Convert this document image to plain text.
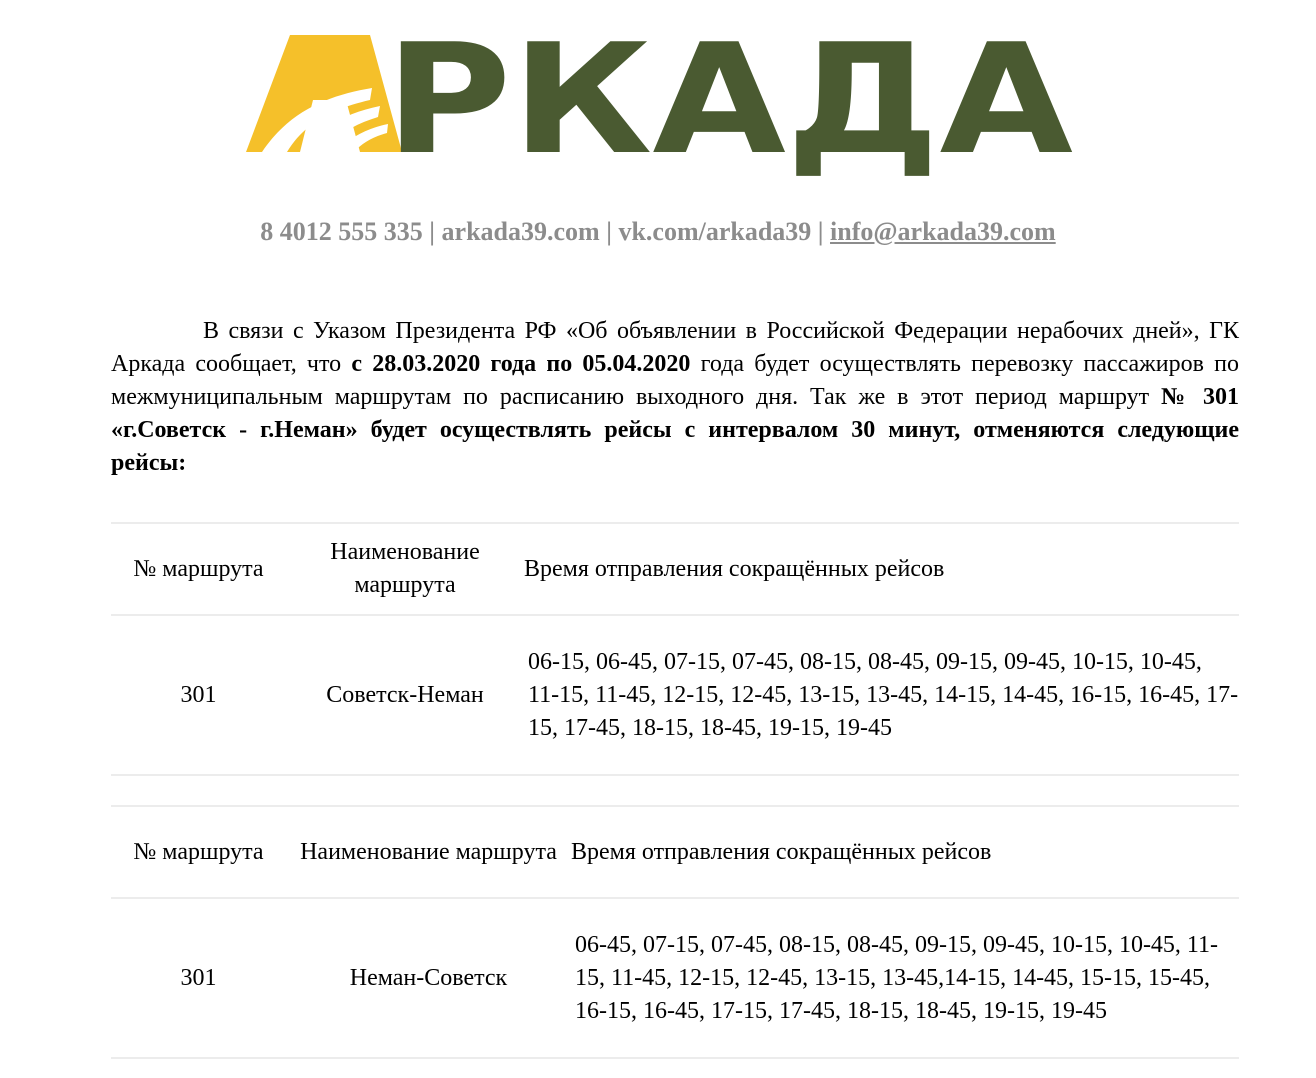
РКАДА
8 4012 555 335 | arkada39.com | vk.com/arkada39 | info@arkada39.com

В связи с Указом Президента РФ «Об объявлении в Российской Федерации нерабочих дней», ГК Аркада сообщает, что с 28.03.2020 года по 05.04.2020 года будет осуществлять перевозку пассажиров по межмуниципальным маршрутам по расписанию выходного дня. Так же в этот период маршрут № 301 «г.Советск - г.Неман» будет осуществлять рейсы с интервалом 30 минут, отменяются следующие рейсы:

№ маршрута	Наименование маршрута	Время отправления сокращённых рейсов
301	Советск-Неман	06-15, 06-45, 07-15, 07-45, 08-15, 08-45, 09-15, 09-45, 10-15, 10-45, 11-15, 11-45, 12-15, 12-45, 13-15, 13-45, 14-15, 14-45, 16-15, 16-45, 17-15, 17-45, 18-15, 18-45, 19-15, 19-45
№ маршрута	Наименование маршрута	Время отправления сокращённых рейсов
301	Неман-Советск	06-45, 07-15, 07-45, 08-15, 08-45, 09-15, 09-45, 10-15, 10-45, 11-15, 11-45, 12-15, 12-45, 13-15, 13-45,14-15, 14-45, 15-15, 15-45, 16-15, 16-45, 17-15, 17-45, 18-15, 18-45, 19-15, 19-45
